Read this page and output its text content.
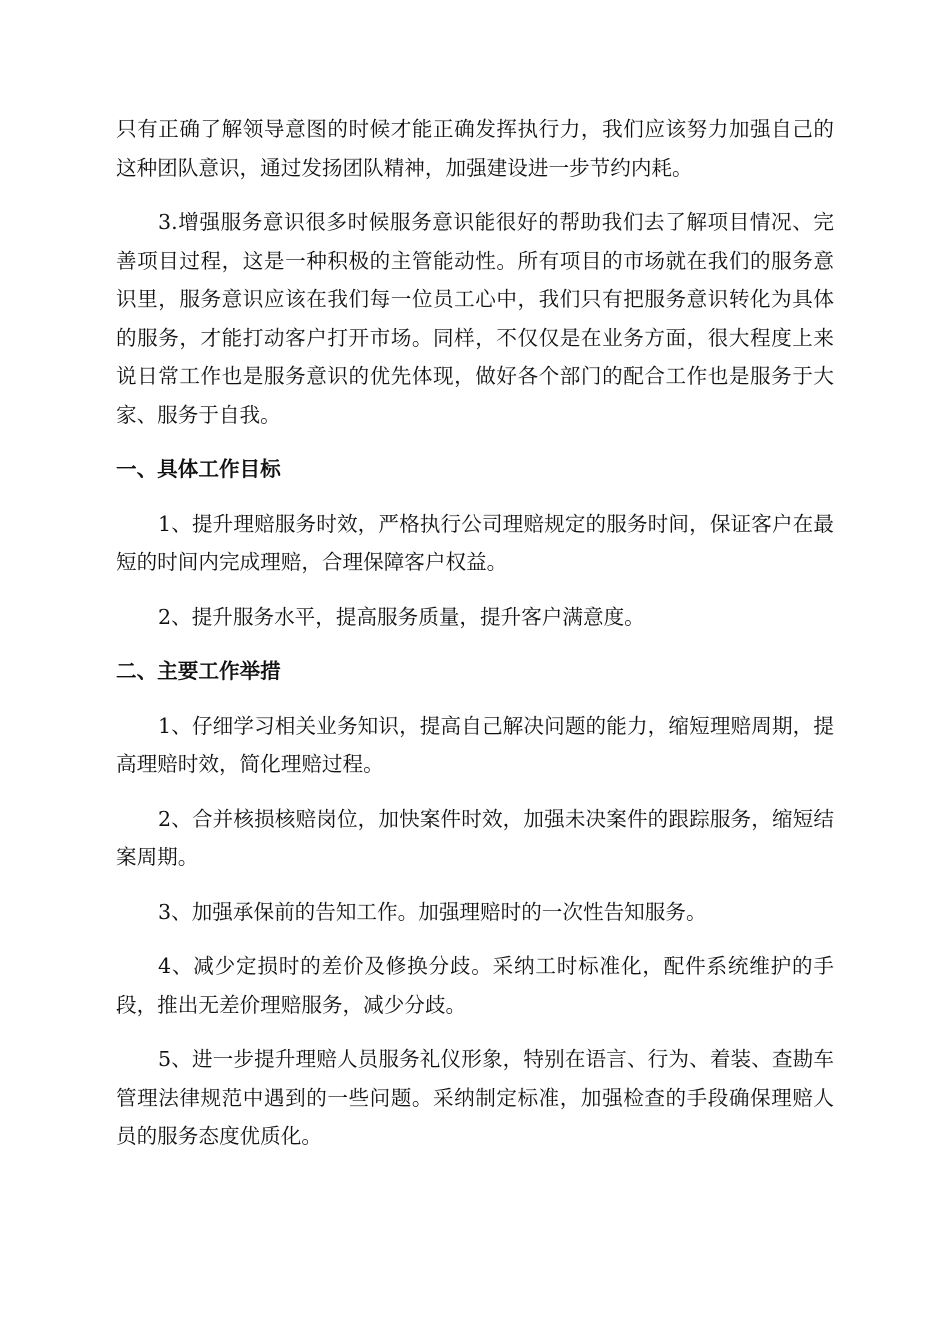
只有正确了解领导意图的时候才能正确发挥执行力，我们应该努力加强自己的这种团队意识，通过发扬团队精神，加强建设进一步节约内耗。

3.增强服务意识很多时候服务意识能很好的帮助我们去了解项目情况、完善项目过程，这是一种积极的主管能动性。所有项目的市场就在我们的服务意识里，服务意识应该在我们每一位员工心中，我们只有把服务意识转化为具体的服务，才能打动客户打开市场。同样，不仅仅是在业务方面，很大程度上来说日常工作也是服务意识的优先体现，做好各个部门的配合工作也是服务于大家、服务于自我。

一、具体工作目标

1、提升理赔服务时效，严格执行公司理赔规定的服务时间，保证客户在最短的时间内完成理赔，合理保障客户权益。

2、提升服务水平，提高服务质量，提升客户满意度。

二、主要工作举措

1、仔细学习相关业务知识，提高自己解决问题的能力，缩短理赔周期，提高理赔时效，简化理赔过程。

2、合并核损核赔岗位，加快案件时效，加强未决案件的跟踪服务，缩短结案周期。

3、加强承保前的告知工作。加强理赔时的一次性告知服务。

4、减少定损时的差价及修换分歧。采纳工时标准化，配件系统维护的手段，推出无差价理赔服务，减少分歧。

5、进一步提升理赔人员服务礼仪形象，特别在语言、行为、着装、查勘车管理法律规范中遇到的一些问题。采纳制定标准，加强检查的手段确保理赔人员的服务态度优质化。
